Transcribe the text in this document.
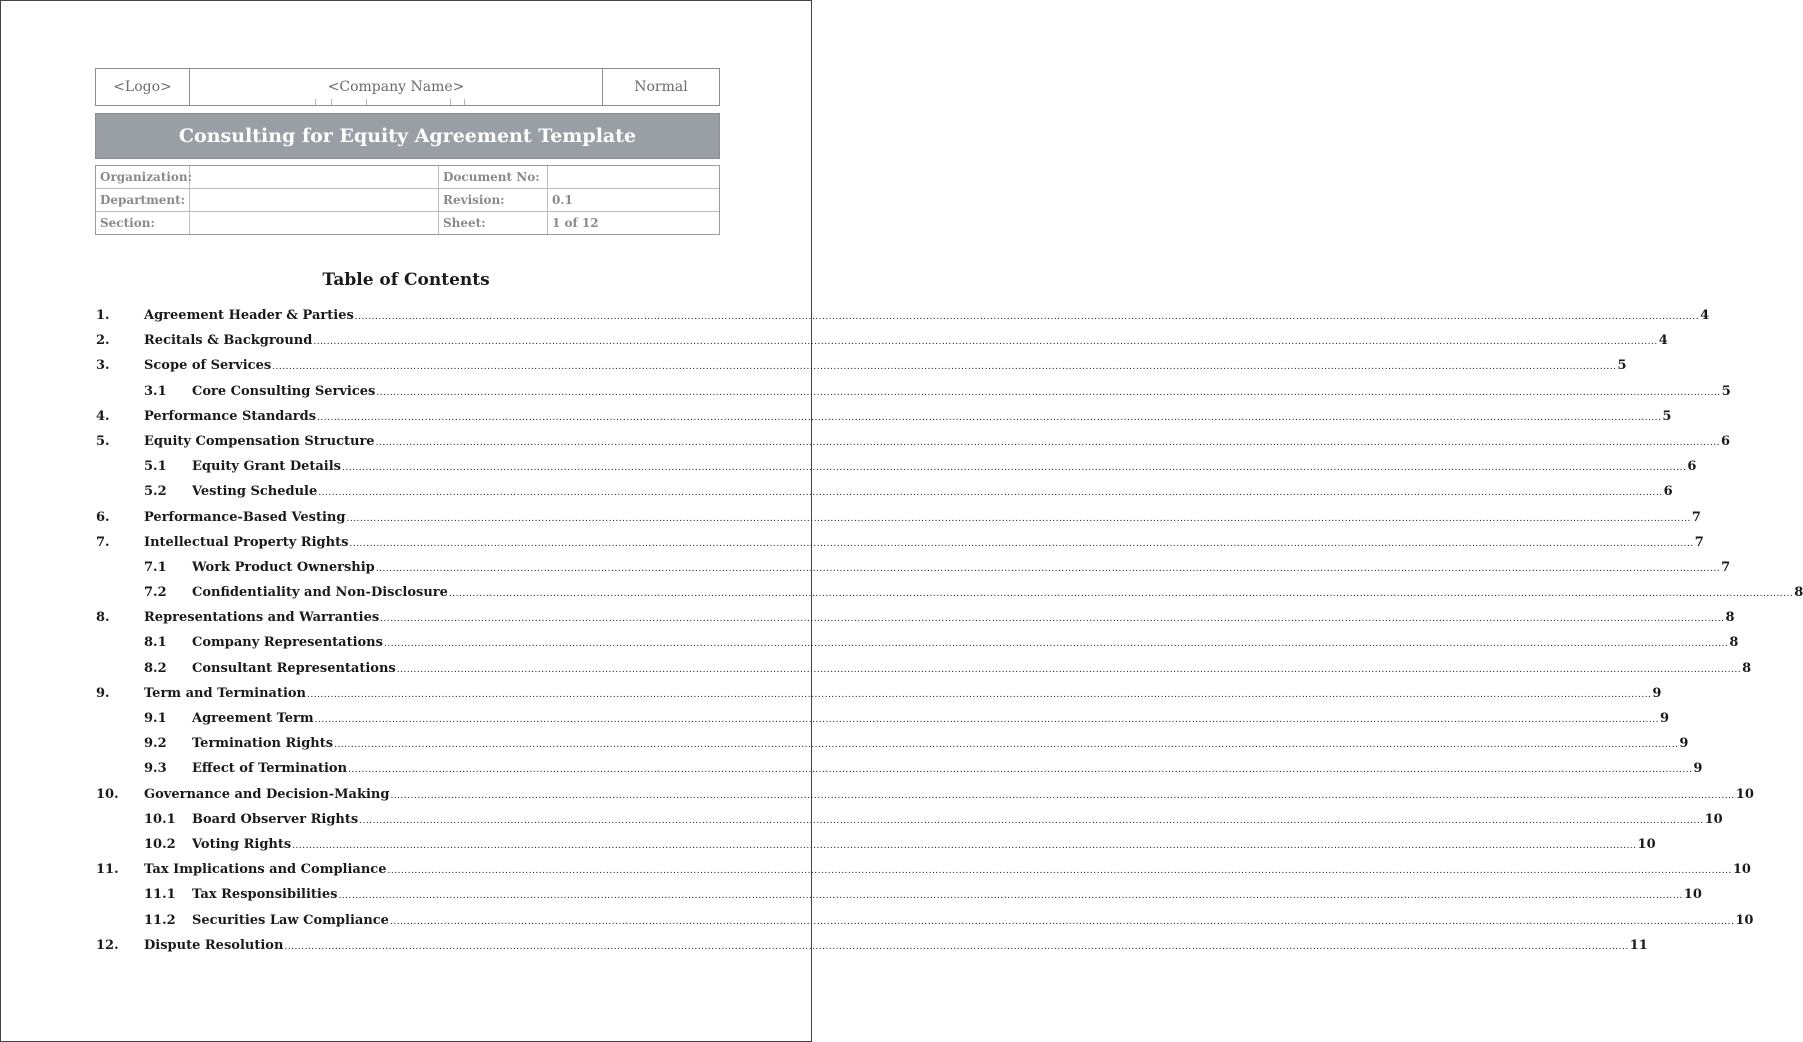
<Logo>	<Company Name>	Normal
Consulting for Equity Agreement Template
Organization:	Document No:
Department:	Revision:	0.1
Section:	Sheet:	1 of 12
Table of Contents
1.	Agreement Header & Parties ................................................................................................................................................................................................................................................................................................................................................................................................................ 4
2.	Recitals & Background ................................................................................................................................................................................................................................................................................................................................................................................................................ 4
3.	Scope of Services ................................................................................................................................................................................................................................................................................................................................................................................................................ 5
3.1	Core Consulting Services ................................................................................................................................................................................................................................................................................................................................................................................................................ 5
4.	Performance Standards ................................................................................................................................................................................................................................................................................................................................................................................................................ 5
5.	Equity Compensation Structure ................................................................................................................................................................................................................................................................................................................................................................................................................ 6
5.1	Equity Grant Details ................................................................................................................................................................................................................................................................................................................................................................................................................ 6
5.2	Vesting Schedule ................................................................................................................................................................................................................................................................................................................................................................................................................ 6
6.	Performance-Based Vesting ................................................................................................................................................................................................................................................................................................................................................................................................................ 7
7.	Intellectual Property Rights ................................................................................................................................................................................................................................................................................................................................................................................................................ 7
7.1	Work Product Ownership ................................................................................................................................................................................................................................................................................................................................................................................................................ 7
7.2	Confidentiality and Non-Disclosure ................................................................................................................................................................................................................................................................................................................................................................................................................ 8
8.	Representations and Warranties ................................................................................................................................................................................................................................................................................................................................................................................................................ 8
8.1	Company Representations ................................................................................................................................................................................................................................................................................................................................................................................................................ 8
8.2	Consultant Representations ................................................................................................................................................................................................................................................................................................................................................................................................................ 8
9.	Term and Termination ................................................................................................................................................................................................................................................................................................................................................................................................................ 9
9.1	Agreement Term ................................................................................................................................................................................................................................................................................................................................................................................................................ 9
9.2	Termination Rights ................................................................................................................................................................................................................................................................................................................................................................................................................ 9
9.3	Effect of Termination ................................................................................................................................................................................................................................................................................................................................................................................................................ 9
10.	Governance and Decision-Making ................................................................................................................................................................................................................................................................................................................................................................................................................ 10
10.1	Board Observer Rights ................................................................................................................................................................................................................................................................................................................................................................................................................ 10
10.2	Voting Rights ................................................................................................................................................................................................................................................................................................................................................................................................................ 10
11.	Tax Implications and Compliance ................................................................................................................................................................................................................................................................................................................................................................................................................ 10
11.1	Tax Responsibilities ................................................................................................................................................................................................................................................................................................................................................................................................................ 10
11.2	Securities Law Compliance ................................................................................................................................................................................................................................................................................................................................................................................................................ 10
12.	Dispute Resolution ................................................................................................................................................................................................................................................................................................................................................................................................................ 11
